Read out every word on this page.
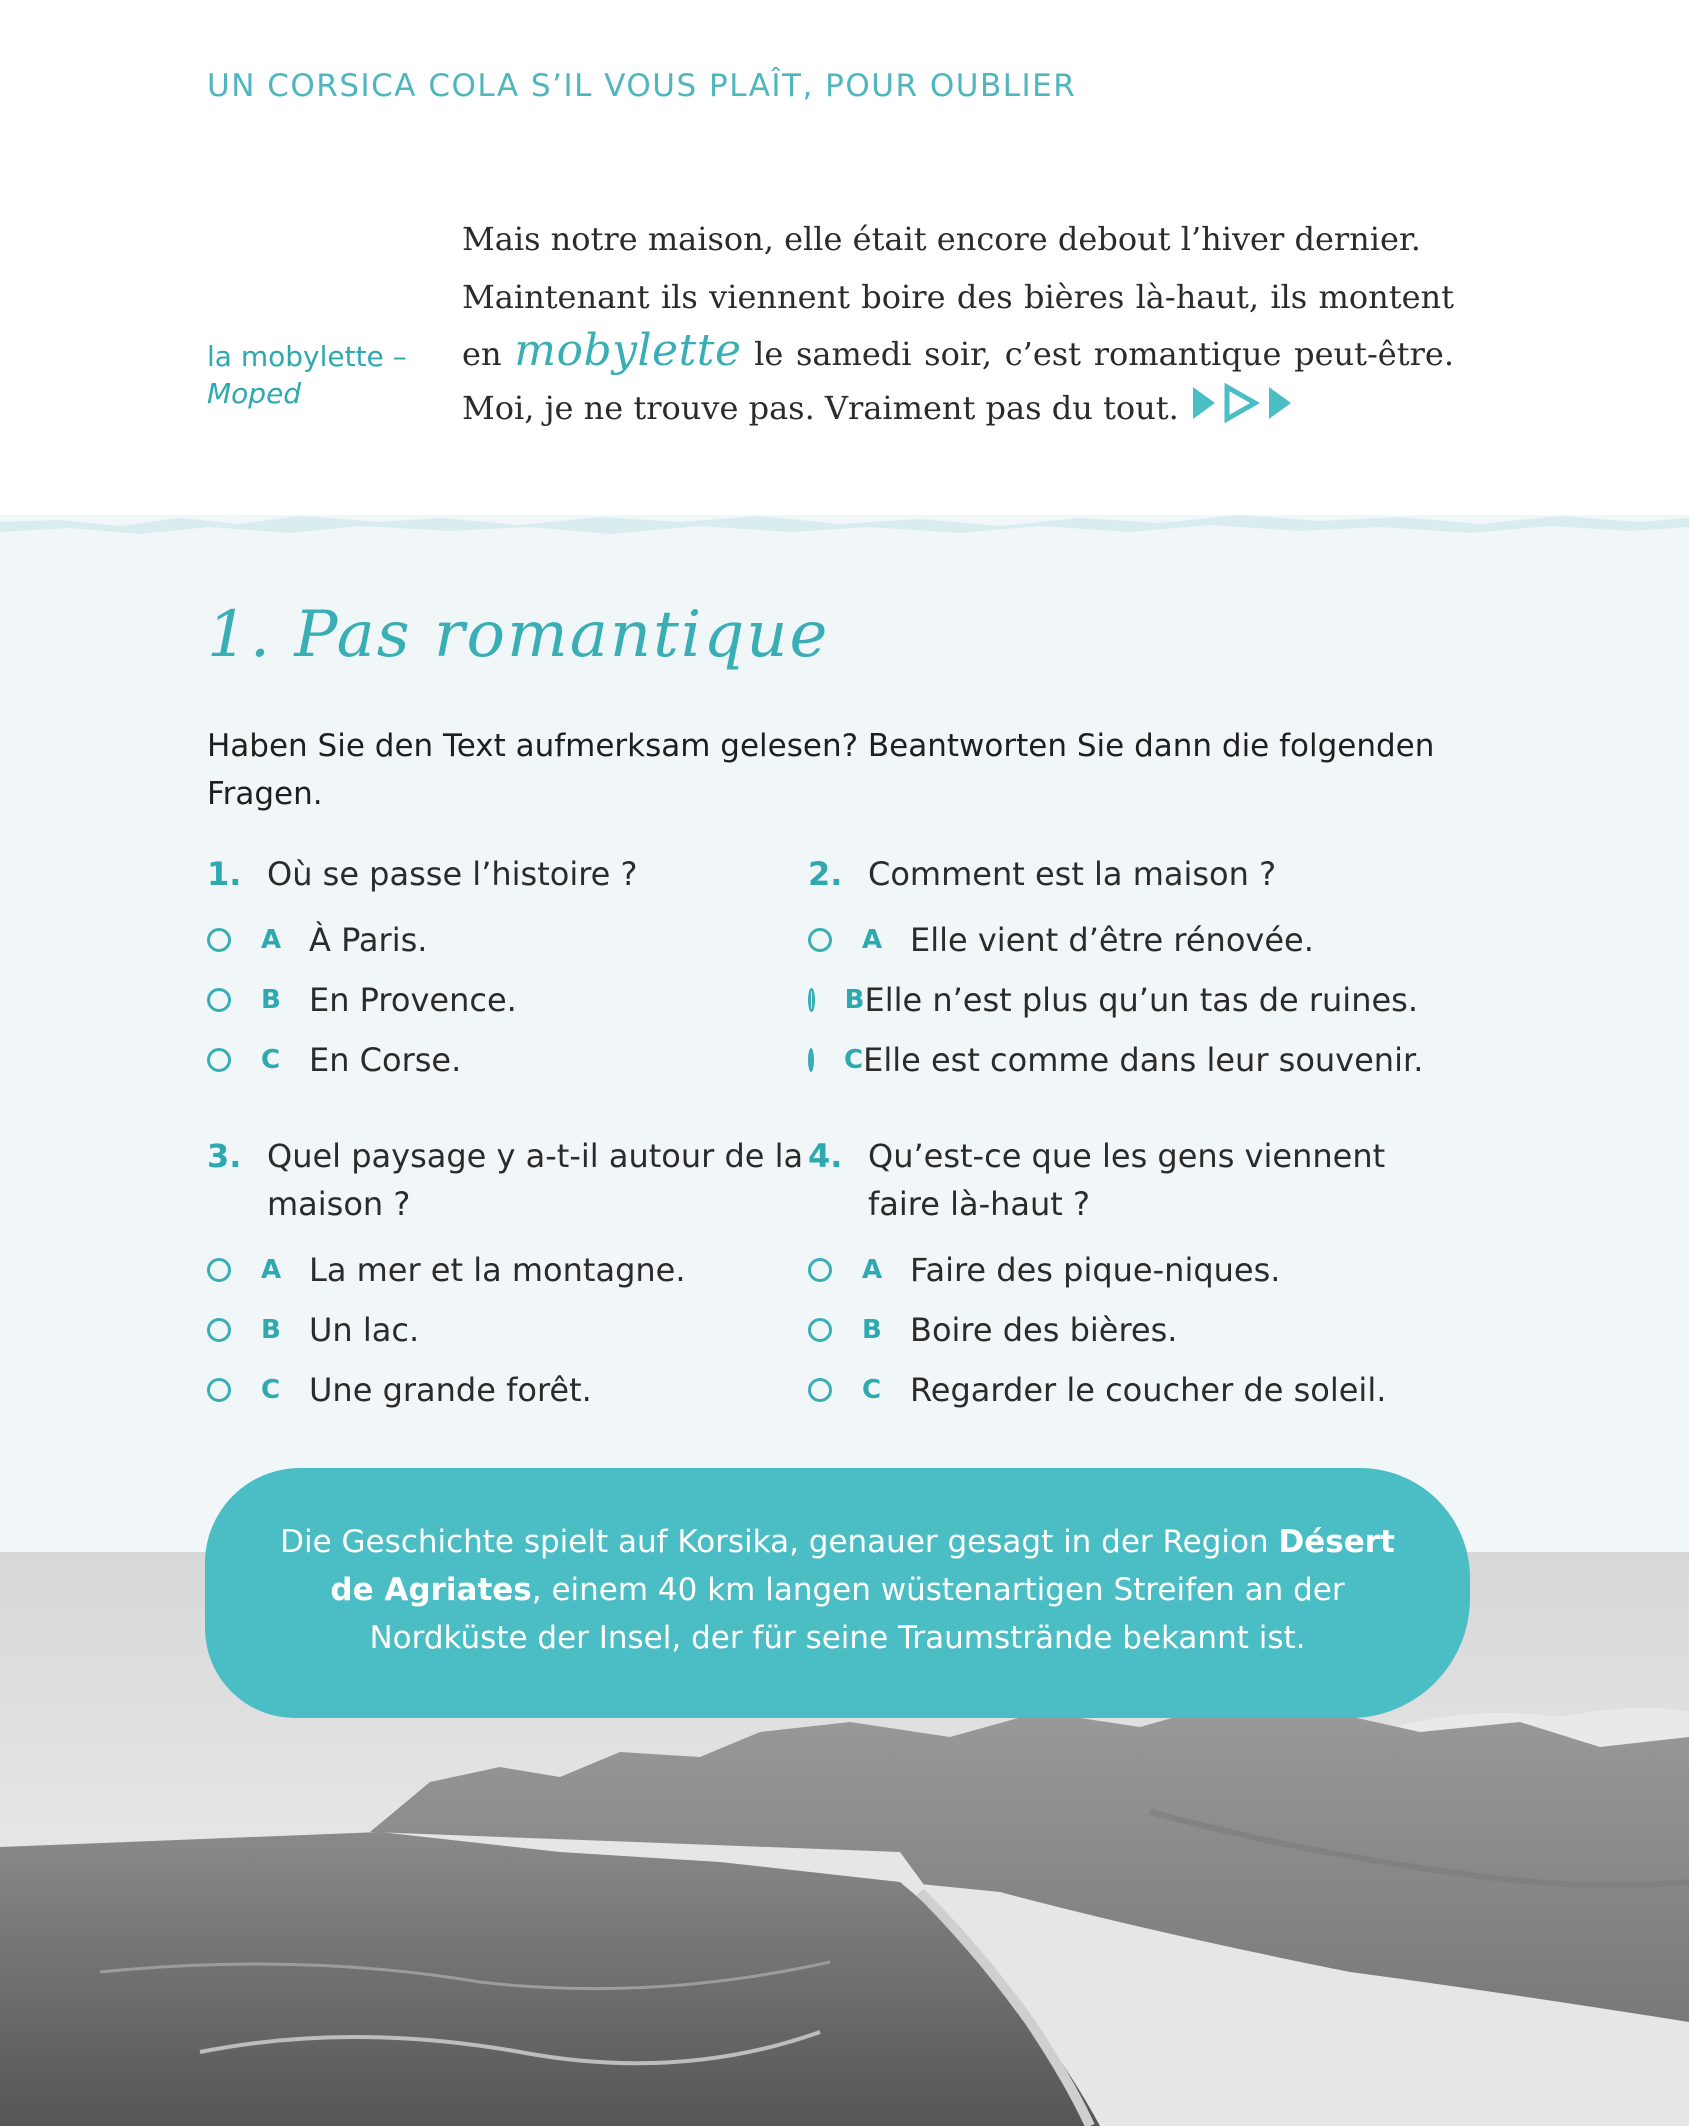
UN CORSICA COLA S’IL VOUS PLAÎT, POUR OUBLIER
la mobylette –
Moped

Mais notre maison, elle était encore debout l’hiver dernier.

Maintenant ils viennent boire des bières là-haut, ils montent en mobylette le samedi soir, c’est romantique peut-être. Moi, je ne trouve pas. Vraiment pas du tout.

1. Pas romantique
Haben Sie den Text aufmerksam gelesen? Beantworten Sie dann die folgenden Fragen.
1. Où se passe l’histoire ?
A À Paris.
B En Provence.
C En Corse.
2. Comment est la maison ?
A Elle vient d’être rénovée.
B Elle n’est plus qu’un tas de ruines.
C Elle est comme dans leur souvenir.
3. Quel paysage y a-t-il autour de la maison ?
A La mer et la montagne.
B Un lac.
C Une grande forêt.
4. Qu’est-ce que les gens viennent faire là-haut ?
A Faire des pique-niques.
B Boire des bières.
C Regarder le coucher de soleil.
Die Geschichte spielt auf Korsika, genauer gesagt in der Region Désert de Agriates, einem 40 km langen wüstenartigen Streifen an der Nordküste der Insel, der für seine Traumstrände bekannt ist.
